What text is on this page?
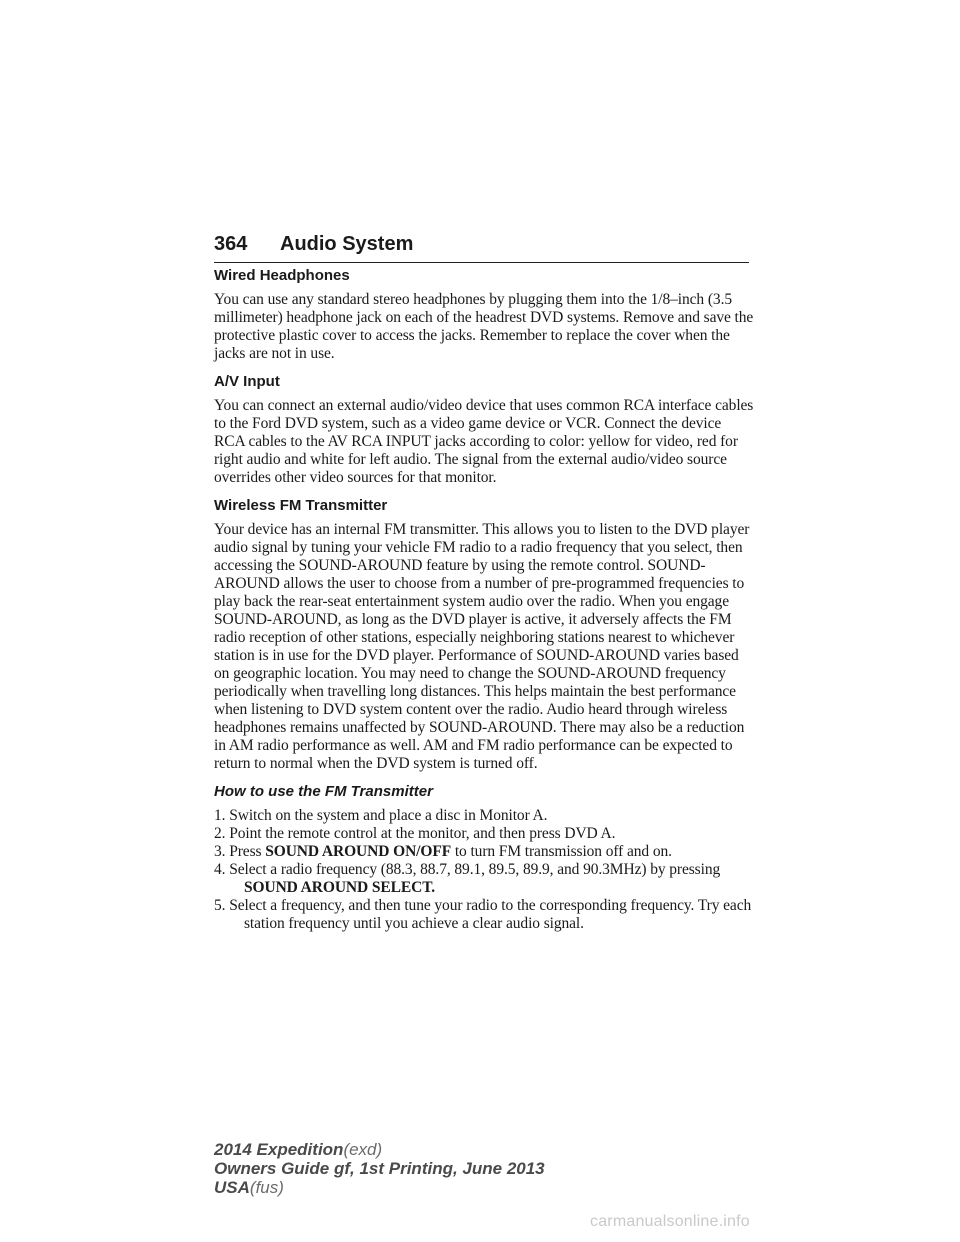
364 Audio System
Wired Headphones

You can use any standard stereo headphones by plugging them into the 1/8–inch (3.5 millimeter) headphone jack on each of the headrest DVD systems. Remove and save the protective plastic cover to access the jacks. Remember to replace the cover when the jacks are not in use.

A/V Input

You can connect an external audio/video device that uses common RCA interface cables to the Ford DVD system, such as a video game device or VCR. Connect the device RCA cables to the AV RCA INPUT jacks according to color: yellow for video, red for right audio and white for left audio. The signal from the external audio/video source overrides other video sources for that monitor.

Wireless FM Transmitter

Your device has an internal FM transmitter. This allows you to listen to the DVD player audio signal by tuning your vehicle FM radio to a radio frequency that you select, then accessing the SOUND-AROUND feature by using the remote control. SOUND-AROUND allows the user to choose from a number of pre-programmed frequencies to play back the rear-seat entertainment system audio over the radio. When you engage SOUND-AROUND, as long as the DVD player is active, it adversely affects the FM radio reception of other stations, especially neighboring stations nearest to whichever station is in use for the DVD player. Performance of SOUND-AROUND varies based on geographic location. You may need to change the SOUND-AROUND frequency periodically when travelling long distances. This helps maintain the best performance when listening to DVD system content over the radio. Audio heard through wireless headphones remains unaffected by SOUND-AROUND. There may also be a reduction in AM radio performance as well. AM and FM radio performance can be expected to return to normal when the DVD system is turned off.

How to use the FM Transmitter
1. Switch on the system and place a disc in Monitor A.
2. Point the remote control at the monitor, and then press DVD A.
3. Press SOUND AROUND ON/OFF to turn FM transmission off and on.
4. Select a radio frequency (88.3, 88.7, 89.1, 89.5, 89.9, and 90.3MHz) by pressing SOUND AROUND SELECT.
5. Select a frequency, and then tune your radio to the corresponding frequency. Try each station frequency until you achieve a clear audio signal.
2014 Expedition(exd)
Owners Guide gf, 1st Printing, June 2013
USA(fus)
carmanualsonline.info
